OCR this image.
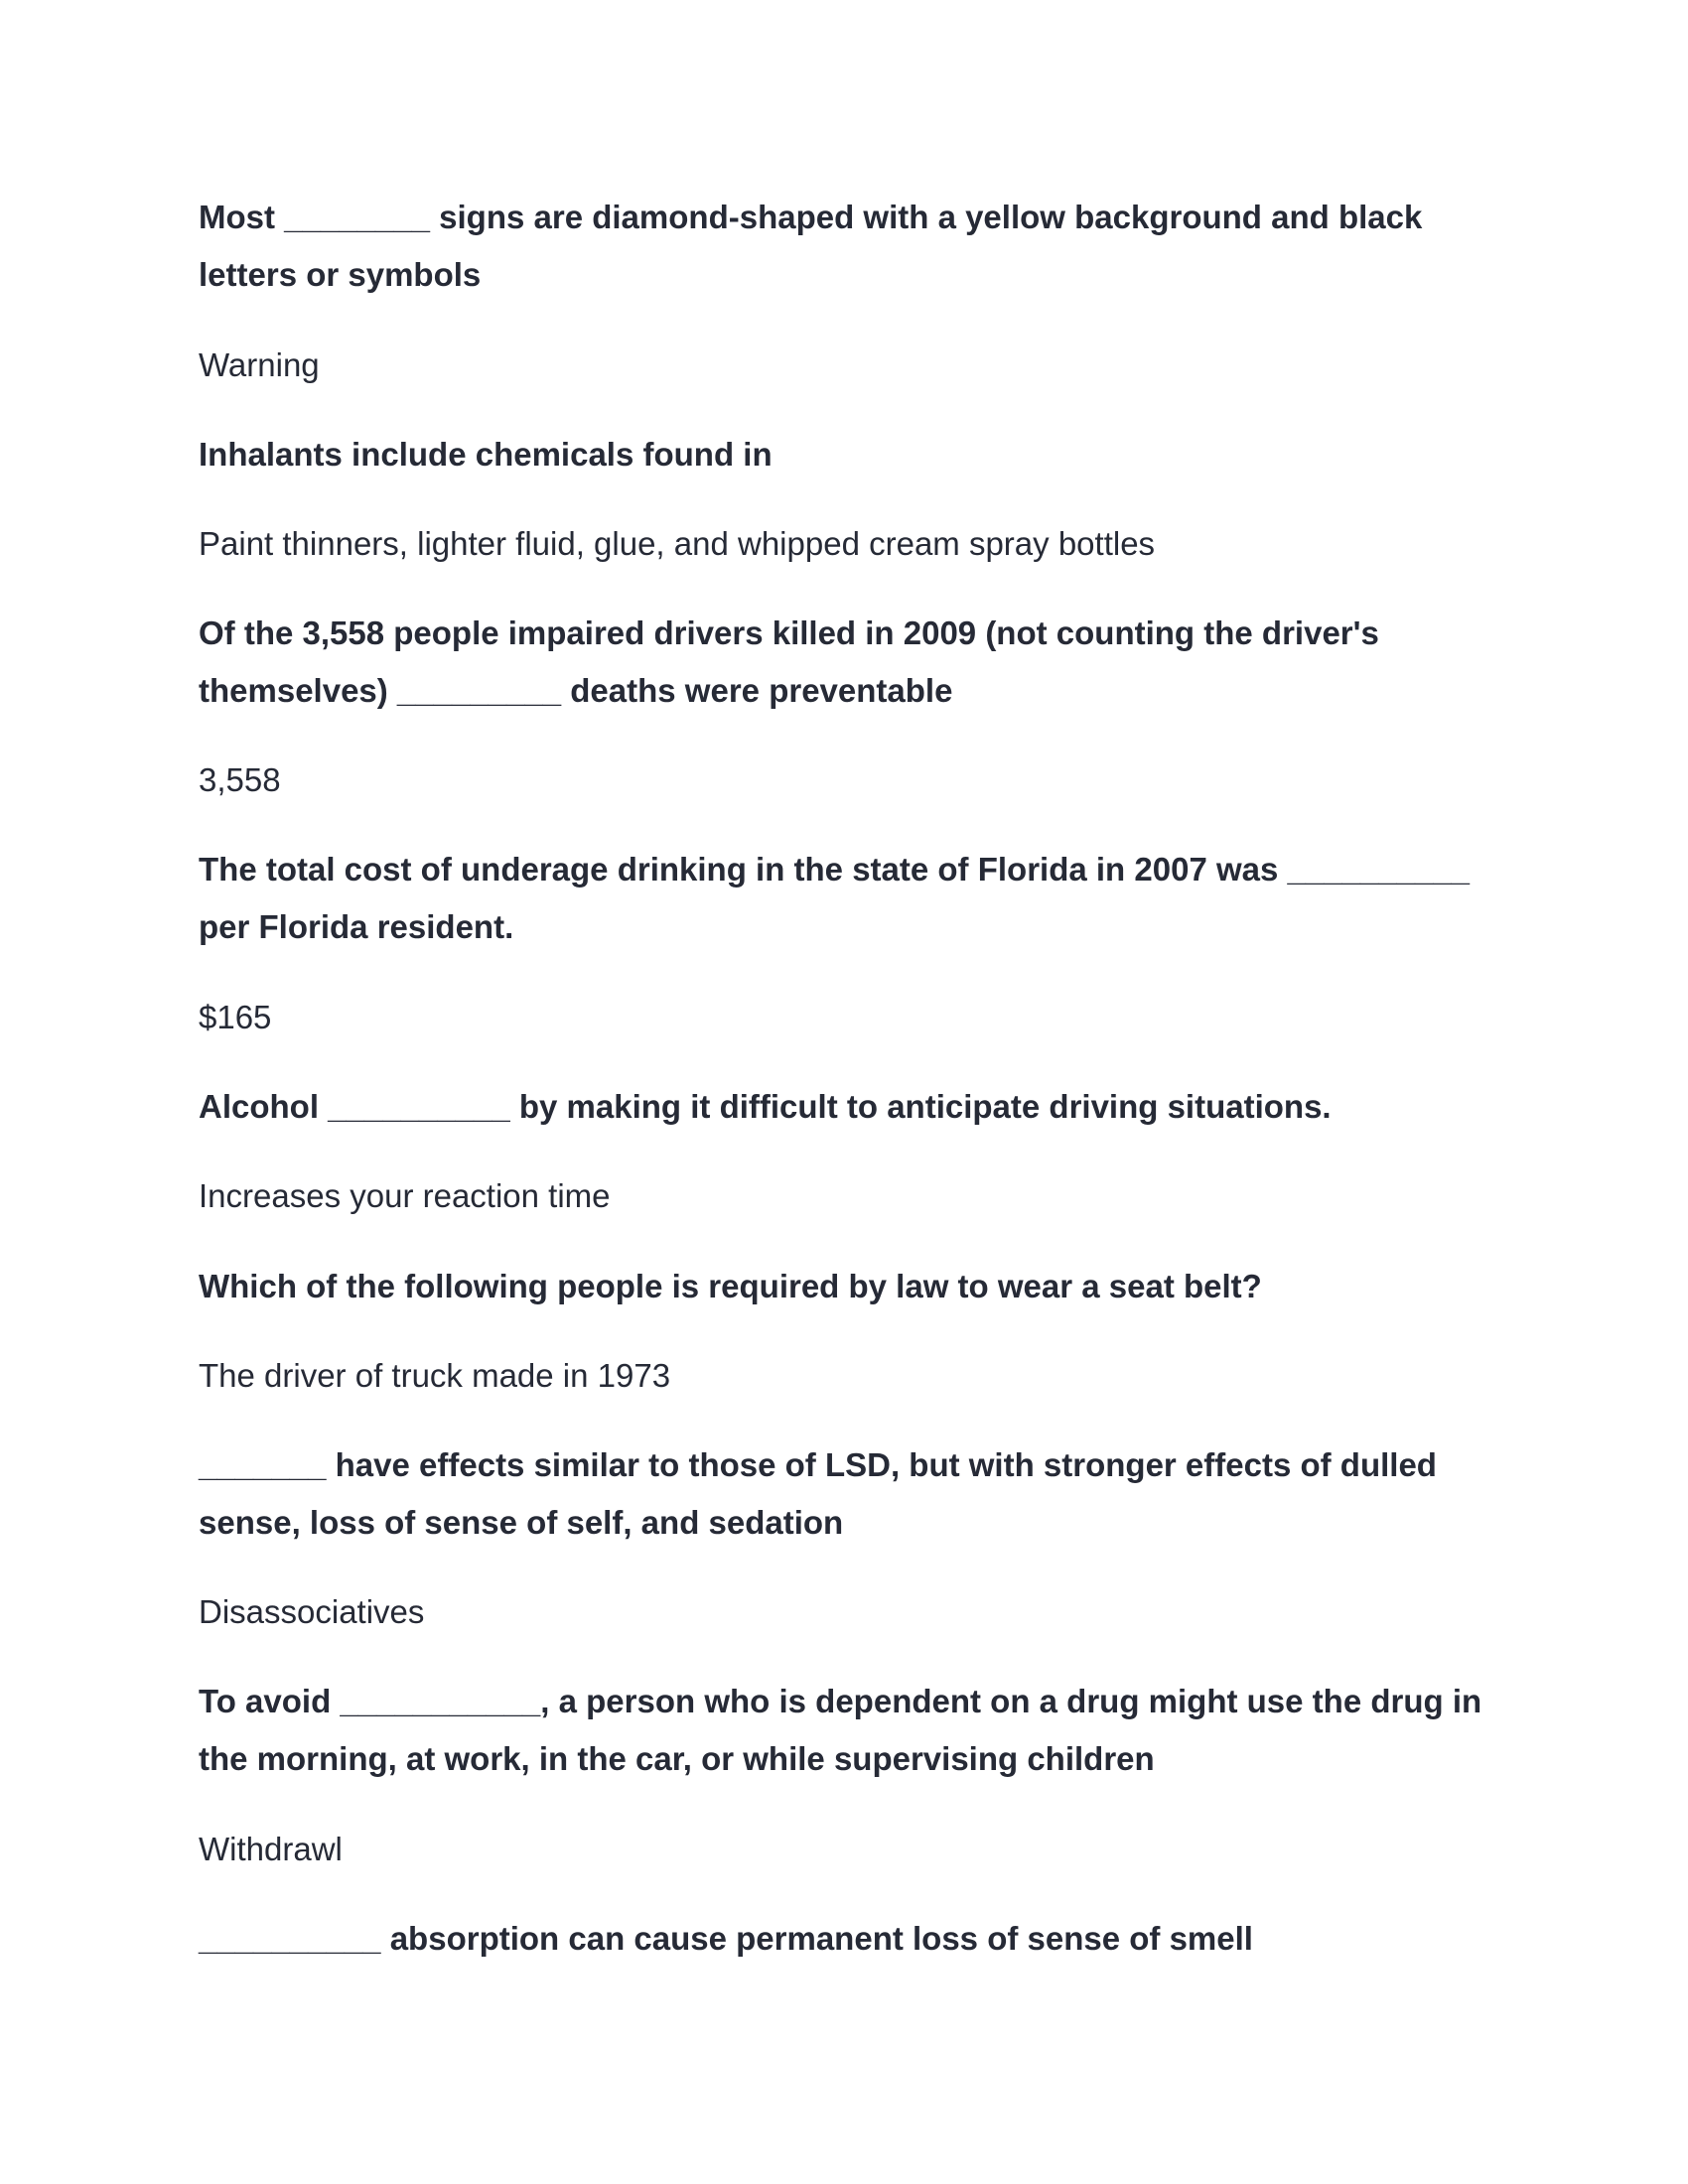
Most ________ signs are diamond-shaped with a yellow background and black letters or symbols

Warning

Inhalants include chemicals found in

Paint thinners, lighter fluid, glue, and whipped cream spray bottles

Of the 3,558 people impaired drivers killed in 2009 (not counting the driver's themselves) _________ deaths were preventable

3,558

The total cost of underage drinking in the state of Florida in 2007 was __________ per Florida resident.

$165

Alcohol __________ by making it difficult to anticipate driving situations.

Increases your reaction time

Which of the following people is required by law to wear a seat belt?

The driver of truck made in 1973

_______ have effects similar to those of LSD, but with stronger effects of dulled sense, loss of sense of self, and sedation

Disassociatives

To avoid ___________, a person who is dependent on a drug might use the drug in the morning, at work, in the car, or while supervising children

Withdrawl

__________ absorption can cause permanent loss of sense of smell
